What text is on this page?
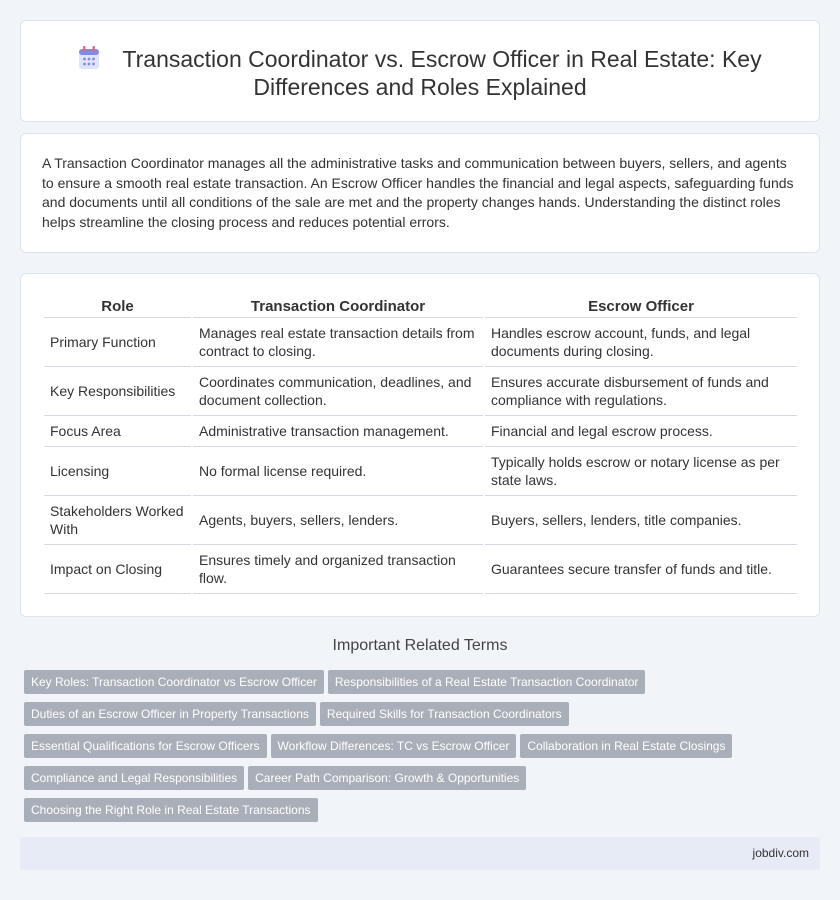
Transaction Coordinator vs. Escrow Officer in Real Estate: Key Differences and Roles Explained

A Transaction Coordinator manages all the administrative tasks and communication between buyers, sellers, and agents to ensure a smooth real estate transaction. An Escrow Officer handles the financial and legal aspects, safeguarding funds and documents until all conditions of the sale are met and the property changes hands. Understanding the distinct roles helps streamline the closing process and reduces potential errors.

Role	Transaction Coordinator	Escrow Officer
Primary Function	Manages real estate transaction details from contract to closing.	Handles escrow account, funds, and legal documents during closing.
Key Responsibilities	Coordinates communication, deadlines, and document collection.	Ensures accurate disbursement of funds and compliance with regulations.
Focus Area	Administrative transaction management.	Financial and legal escrow process.
Licensing	No formal license required.	Typically holds escrow or notary license as per state laws.
Stakeholders Worked With	Agents, buyers, sellers, lenders.	Buyers, sellers, lenders, title companies.
Impact on Closing	Ensures timely and organized transaction flow.	Guarantees secure transfer of funds and title.
Important Related Terms
Key Roles: Transaction Coordinator vs Escrow Officer Responsibilities of a Real Estate Transaction Coordinator
Duties of an Escrow Officer in Property Transactions Required Skills for Transaction Coordinators
Essential Qualifications for Escrow Officers Workflow Differences: TC vs Escrow Officer Collaboration in Real Estate Closings
Compliance and Legal Responsibilities Career Path Comparison: Growth & Opportunities
Choosing the Right Role in Real Estate Transactions
jobdiv.com
